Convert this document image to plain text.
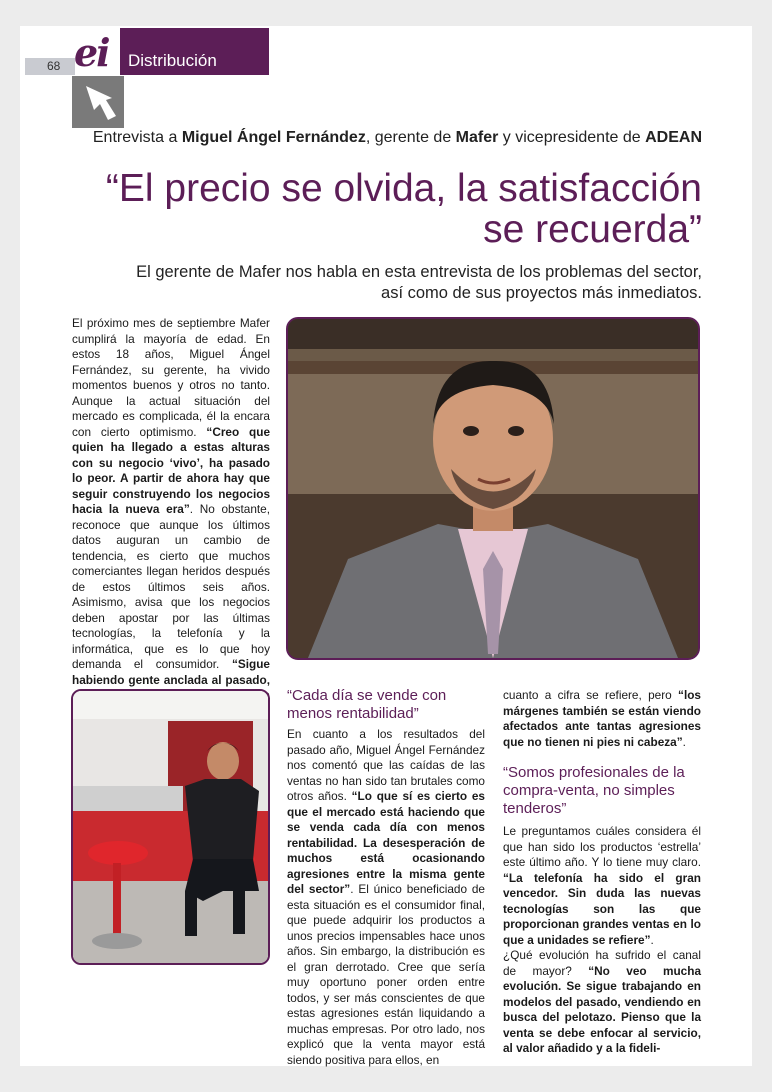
68 ei Distribución
Entrevista a Miguel Ángel Fernández, gerente de Mafer y vicepresidente de ADEAN
“El precio se olvida, la satisfacción se recuerda”
El gerente de Mafer nos habla en esta entrevista de los problemas del sector, así como de sus proyectos más inmediatos.
El próximo mes de septiembre Mafer cumplirá la mayoría de edad. En estos 18 años, Miguel Ángel Fernández, su gerente, ha vivido momentos buenos y otros no tanto. Aunque la actual situación del mercado es complicada, él la encara con cierto optimismo. “Creo que quien ha llegado a estas alturas con su negocio ‘vivo’, ha pasado lo peor. A partir de ahora hay que seguir construyendo los negocios hacia la nueva era”. No obstante, reconoce que aunque los últimos datos auguran un cambio de tendencia, es cierto que muchos comerciantes llegan heridos después de estos últimos seis años. Asimismo, avisa que los negocios deben apostar por las últimas tecnologías, la telefonía y la informática, que es lo que hoy demanda el consumidor. “Sigue habiendo gente anclada al pasado,
“Cada día se vende con menos rentabilidad”
En cuanto a los resultados del pasado año, Miguel Ángel Fernández nos comentó que las caídas de las ventas no han sido tan brutales como otros años. “Lo que sí es cierto es que el mercado está haciendo que se venda cada día con menos rentabilidad. La desesperación de muchos está ocasionando agresiones entre la misma gente del sector”. El único beneficiado de esta situación es el consumidor final, que puede adquirir los productos a unos precios impensables hace unos años. Sin embargo, la distribución es el gran derrotado. Cree que sería muy oportuno poner orden entre todos, y ser más conscientes de que estas agresiones están liquidando a muchas empresas. Por otro lado, nos explicó que la venta mayor está siendo positiva para ellos, en
cuanto a cifra se refiere, pero “los márgenes también se están viendo afectados ante tantas agresiones que no tienen ni pies ni cabeza”.
“Somos profesionales de la compra-venta, no simples tenderos”
Le preguntamos cuáles considera él que han sido los productos ‘estrella’ este último año. Y lo tiene muy claro. “La telefonía ha sido el gran vencedor. Sin duda las nuevas tecnologías son las que proporcionan grandes ventas en lo que a unidades se refiere”.
¿Qué evolución ha sufrido el canal de mayor? “No veo mucha evolución. Se sigue trabajando en modelos del pasado, vendiendo en busca del pelotazo. Pienso que la venta se debe enfocar al servicio, al valor añadido y a la fideli-
